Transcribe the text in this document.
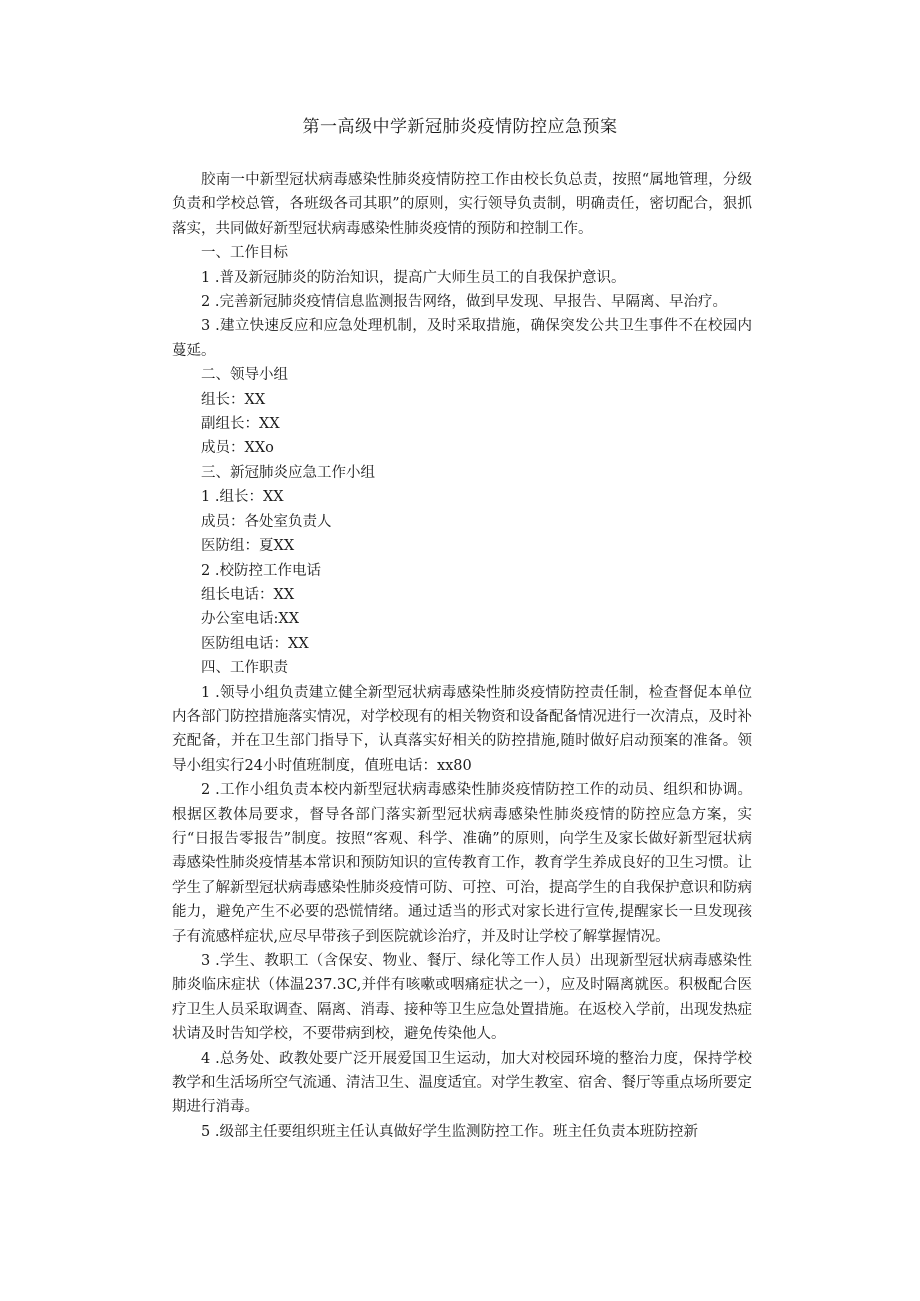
第一高级中学新冠肺炎疫情防控应急预案

胶南一中新型冠状病毒感染性肺炎疫情防控工作由校长负总责，按照“属地管理，分级负责和学校总管，各班级各司其职”的原则，实行领导负责制，明确责任，密切配合，狠抓落实，共同做好新型冠状病毒感染性肺炎疫情的预防和控制工作。

一、工作目标

1 .普及新冠肺炎的防治知识，提高广大师生员工的自我保护意识。

2 .完善新冠肺炎疫情信息监测报告网络，做到早发现、早报告、早隔离、早治疗。

3 .建立快速反应和应急处理机制，及时采取措施，确保突发公共卫生事件不在校园内蔓延。

二、领导小组

组长：XX

副组长：XX

成员：XXo

三、新冠肺炎应急工作小组

1 .组长：XX

成员：各处室负责人

医防组：夏XX

2 .校防控工作电话

组长电话：XX

办公室电话:XX

医防组电话：XX

四、工作职责

1 .领导小组负责建立健全新型冠状病毒感染性肺炎疫情防控责任制，检查督促本单位内各部门防控措施落实情况，对学校现有的相关物资和设备配备情况进行一次清点，及时补充配备，并在卫生部门指导下，认真落实好相关的防控措施,随时做好启动预案的准备。领导小组实行24小时值班制度，值班电话：xx80

2 .工作小组负责本校内新型冠状病毒感染性肺炎疫情防控工作的动员、组织和协调。根据区教体局要求，督导各部门落实新型冠状病毒感染性肺炎疫情的防控应急方案，实行“日报告零报告”制度。按照“客观、科学、准确”的原则，向学生及家长做好新型冠状病毒感染性肺炎疫情基本常识和预防知识的宣传教育工作，教育学生养成良好的卫生习惯。让学生了解新型冠状病毒感染性肺炎疫情可防、可控、可治，提高学生的自我保护意识和防病能力，避免产生不必要的恐慌情绪。通过适当的形式对家长进行宣传,提醒家长一旦发现孩子有流感样症状,应尽早带孩子到医院就诊治疗，并及时让学校了解掌握情况。

3 .学生、教职工（含保安、物业、餐厅、绿化等工作人员）出现新型冠状病毒感染性肺炎临床症状（体温237.3C,并伴有咳嗽或咽痛症状之一），应及时隔离就医。积极配合医疗卫生人员采取调查、隔离、消毒、接种等卫生应急处置措施。在返校入学前，出现发热症状请及时告知学校，不要带病到校，避免传染他人。

4 .总务处、政教处要广泛开展爱国卫生运动，加大对校园环境的整治力度，保持学校教学和生活场所空气流通、清洁卫生、温度适宜。对学生教室、宿舍、餐厅等重点场所要定期进行消毒。

5 .级部主任要组织班主任认真做好学生监测防控工作。班主任负责本班防控新
